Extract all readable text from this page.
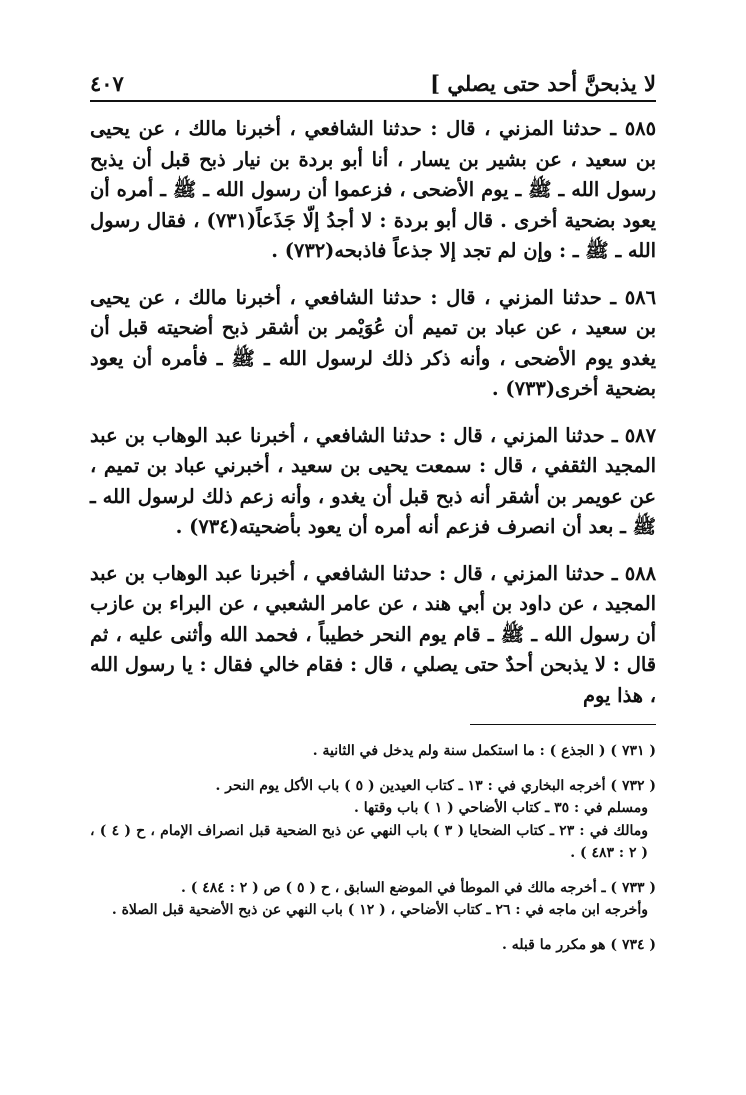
لا يذبحنَّ أحد حتى يصلي ]
٤٠٧

٥٨٥ ـ حدثنا المزني ، قال : حدثنا الشافعي ، أخبرنا مالك ، عن يحيى بن سعيد ، عن بشير بن يسار ، أنا أبو بردة بن نيار ذبح قبل أن يذبح رسول الله ـ ﷺ ـ يوم الأضحى ، فزعموا أن رسول الله ـ ﷺ ـ أمره أن يعود بضحية أخرى . قال أبو بردة : لا أجدُ إلّا جَذَعاً(٧٣١) ، فقال رسول الله ـ ﷺ ـ : وإن لم تجد إلا جذعاً فاذبحه(٧٣٢) .

٥٨٦ ـ حدثنا المزني ، قال : حدثنا الشافعي ، أخبرنا مالك ، عن يحيى بن سعيد ، عن عباد بن تميم أن عُوَيْمر بن أشقر ذبح أضحيته قبل أن يغدو يوم الأضحى ، وأنه ذكر ذلك لرسول الله ـ ﷺ ـ فأمره أن يعود بضحية أخرى(٧٣٣) .

٥٨٧ ـ حدثنا المزني ، قال : حدثنا الشافعي ، أخبرنا عبد الوهاب بن عبد المجيد الثقفي ، قال : سمعت يحيى بن سعيد ، أخبرني عباد بن تميم ، عن عويمر بن أشقر أنه ذبح قبل أن يغدو ، وأنه زعم ذلك لرسول الله ـ ﷺ ـ بعد أن انصرف فزعم أنه أمره أن يعود بأضحيته(٧٣٤) .

٥٨٨ ـ حدثنا المزني ، قال : حدثنا الشافعي ، أخبرنا عبد الوهاب بن عبد المجيد ، عن داود بن أبي هند ، عن عامر الشعبي ، عن البراء بن عازب أن رسول الله ـ ﷺ ـ قام يوم النحر خطيباً ، فحمد الله وأثنى عليه ، ثم قال : لا يذبحن أحدٌ حتى يصلي ، قال : فقام خالي فقال : يا رسول الله ، هذا يوم

( ٧٣١ ) ( الجذع ) : ما استكمل سنة ولم يدخل في الثانية .
( ٧٣٢ ) أخرجه البخاري في : ١٣ ـ كتاب العيدين ( ٥ ) باب الأكل يوم النحر .
ومسلم في : ٣٥ ـ كتاب الأضاحي ( ١ ) باب وقتها .
ومالك في : ٢٣ ـ كتاب الضحايا ( ٣ ) باب النهي عن ذبح الضحية قبل انصراف الإمام ، ح ( ٤ ) ، ( ٢ : ٤٨٣ ) .
( ٧٣٣ ) ـ أخرجه مالك في الموطأ في الموضع السابق ، ح ( ٥ ) ص ( ٢ : ٤٨٤ ) .
وأخرجه ابن ماجه في : ٢٦ ـ كتاب الأضاحي ، ( ١٢ ) باب النهي عن ذبح الأضحية قبل الصلاة .
( ٧٣٤ ) هو مكرر ما قبله .
